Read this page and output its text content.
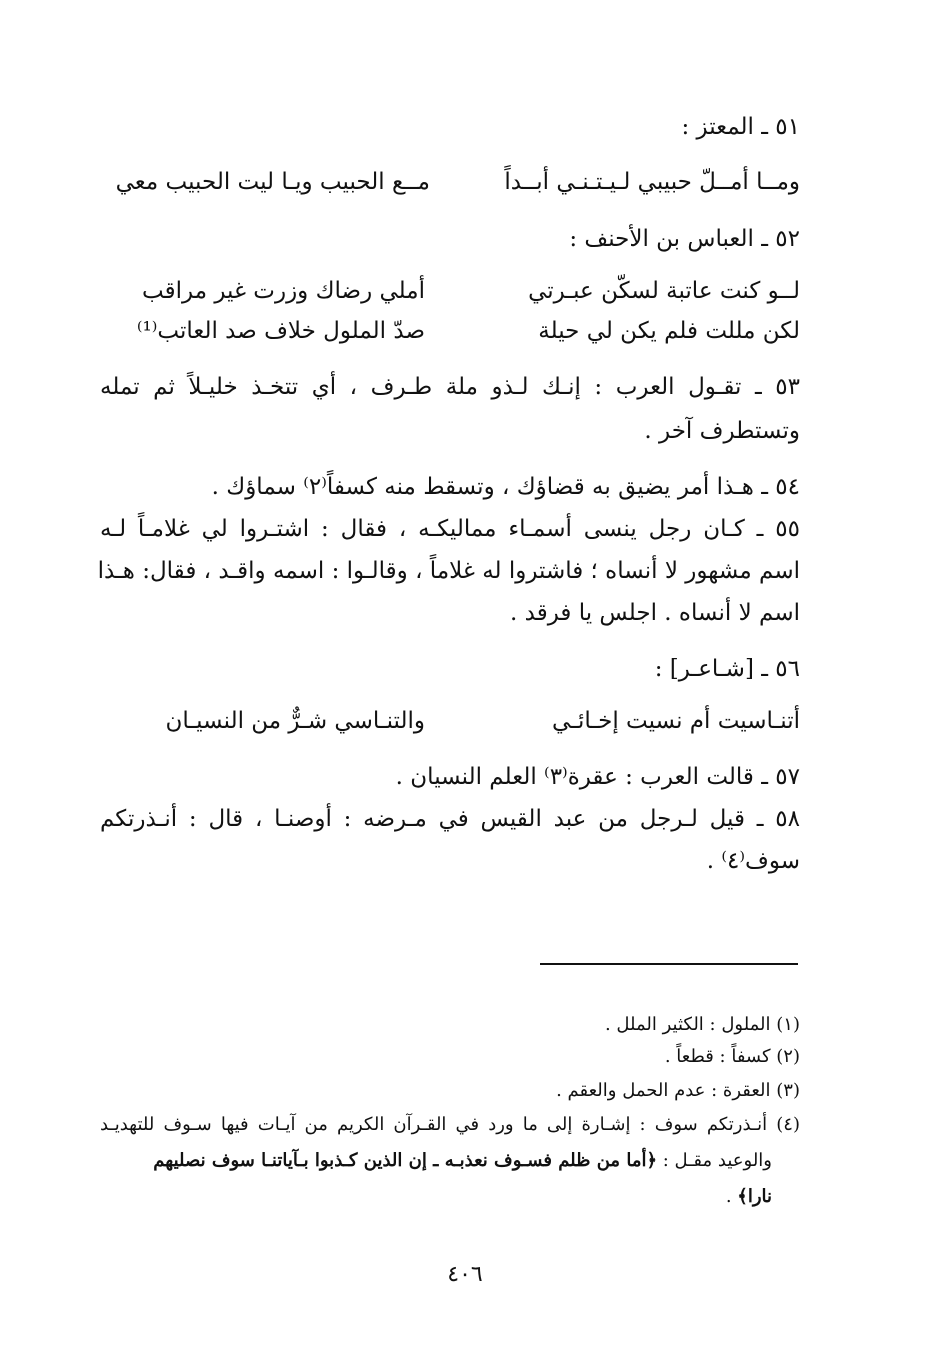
٥١ ـ المعتز :
ومــا أمــلّ حبيبي لـيـتـنـي أبــداً
مــع الحبيب ويـا ليت الحبيب معي
٥٢ ـ العباس بن الأحنف :
لــو كنت عاتبة لسكّن عبـرتي
أملي رضاك وزرت غير مراقب
لكن مللت فلم يكن لي حيلة
صدّ الملول خلاف صد العاتب⁽¹⁾
٥٣ ـ تقـول العرب : إنـك لـذو ملة طـرف ، أي تتخـذ خليـلاً ثم تمله
وتستطرف آخر .
٥٤ ـ هـذا أمر يضيق به قضاؤك ، وتسقط منه كسفاً⁽٢⁾ سماؤك .
٥٥ ـ كـان رجل ينسى أسمـاء مماليكـه ، فقال : اشتـروا لي غلامـاً لـه
اسم مشهور لا أنساه ؛ فاشتروا له غلاماً ، وقالـوا : اسمه واقـد ، فقال: هـذا
اسم لا أنساه . اجلس يا فرقد .
٥٦ ـ [شـاعـر] :
أتنـاسيت أم نسيت إخـائـي
والتنـاسي شـرٌّ من النسيـان
٥٧ ـ قالت العرب : عقرة⁽٣⁾ العلم النسيان .
٥٨ ـ قيل لـرجل من عبد القيس في مـرضه : أوصنـا ، قال : أنـذرتكم
سوف⁽٤⁾ .
(١) الملول : الكثير الملل .
(٢) كسفاً : قطعاً .
(٣) العقرة : عدم الحمل والعقم .
(٤) أنـذرتكم سوف : إشـارة إلى ما ورد في القـرآن الكريم من آيـات فيها سـوف للتهديـد
والوعيد مقـل : ﴿أما من ظلم فسـوف نعذبـه ـ إن الذين كـذبوا بـآياتنـا سوف نصليهم
نارا﴾ .
٤٠٦
